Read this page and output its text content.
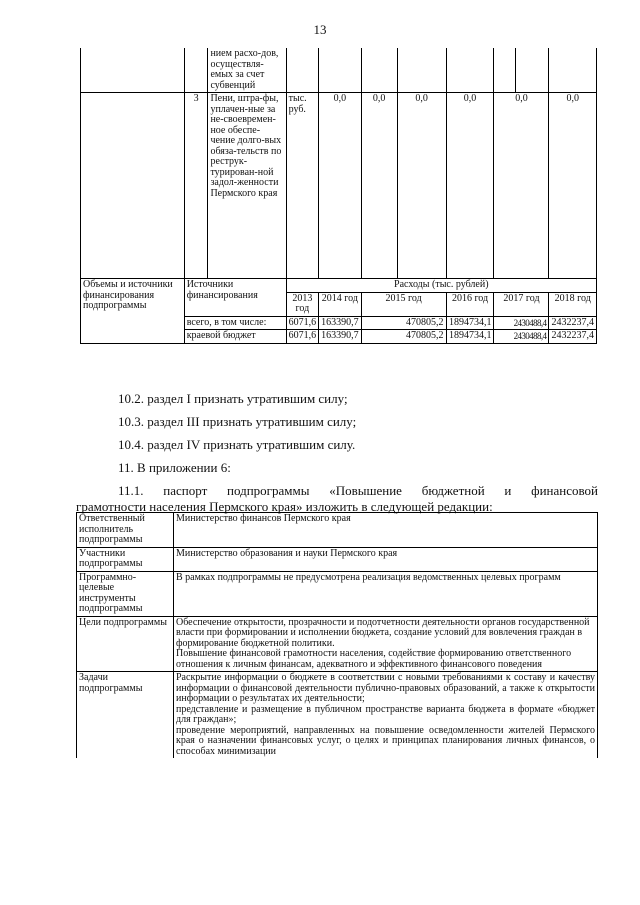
13
		нием расхо-дов, осуществля-емых за счет субвенций								
	3	Пени, штра-фы, уплачен-ные за не-своевремен-ное обеспе-чение долго-вых обяза-тельств по реструк-турирован-ной задол-женности Пермского края	тыс. руб.	0,0	0,0	0,0	0,0	0,0		0,0
Объемы и источники финансирования подпрограммы	Источники финансирования		Расходы (тыс. рублей)							
			2013 год	2014 год	2015 год		2016 год	2017 год		2018 год
	всего, в том числе:		6071,6	163390,7	470805,2		1894734,1	2430488,4		2432237,4
	краевой бюджет		6071,6	163390,7	470805,2		1894734,1	2430488,4		2432237,4
10.2. раздел I признать утратившим силу;
10.3. раздел III признать утратившим силу;
10.4. раздел IV признать утратившим силу.
11. В приложении 6:
11.1. паспорт подпрограммы «Повышение бюджетной и финансовой
грамотности населения Пермского края» изложить в следующей редакции:
Ответственный исполнитель подпрограммы	Министерство финансов Пермского края
Участники подпрограммы	Министерство образования и науки Пермского края
Программно-целевые инструменты подпрограммы	В рамках подпрограммы не предусмотрена реализация ведомственных целевых программ
Цели подпрограммы	Обеспечение открытости, прозрачности и подотчетности деятельности органов государственной власти при формировании и исполнении бюджета, создание условий для вовлечения граждан в формирование бюджетной политики.
Повышение финансовой грамотности населения, содействие формированию ответственного отношения к личным финансам, адекватного и эффективного финансового поведения

Задачи подпрограммы	Раскрытие информации о бюджете в соответствии с новыми требованиями к составу и качеству информации о финансовой деятельности публично-правовых образований, а также к открытости информации о результатах их деятельности;
представление и размещение в публичном пространстве варианта бюджета в формате «бюджет для граждан»;
проведение мероприятий, направленных на повышение осведомленности жителей Пермского края о назначении финансовых услуг, о целях и принципах планирования личных финансов, о способах минимизации
